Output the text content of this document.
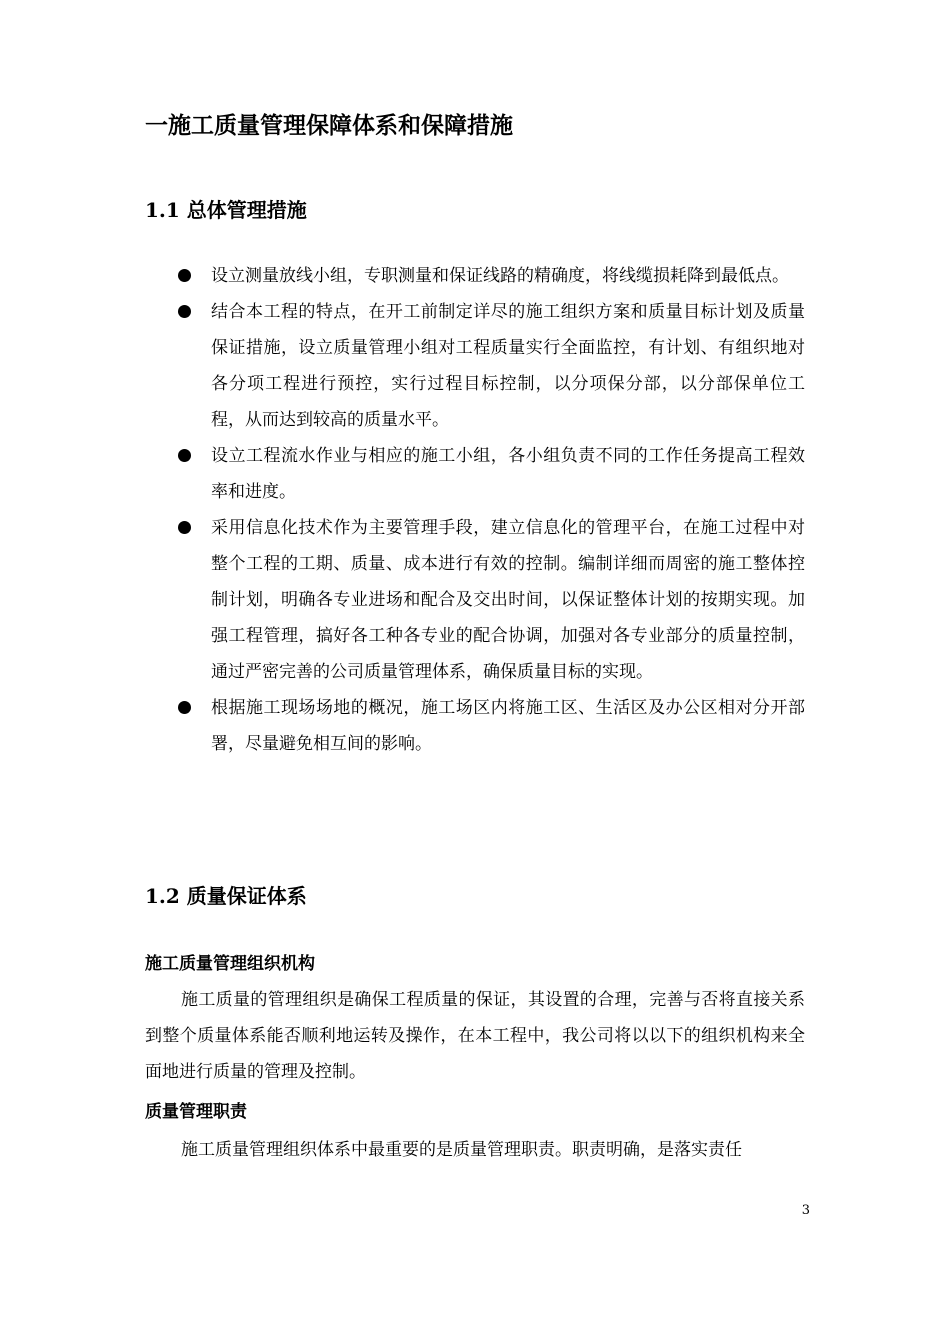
一施工质量管理保障体系和保障措施
1.1 总体管理措施
设立测量放线小组，专职测量和保证线路的精确度，将线缆损耗降到最低点。
结合本工程的特点，在开工前制定详尽的施工组织方案和质量目标计划及质量保证措施，设立质量管理小组对工程质量实行全面监控，有计划、有组织地对各分项工程进行预控，实行过程目标控制，以分项保分部，以分部保单位工程，从而达到较高的质量水平。
设立工程流水作业与相应的施工小组，各小组负责不同的工作任务提高工程效率和进度。
采用信息化技术作为主要管理手段，建立信息化的管理平台，在施工过程中对整个工程的工期、质量、成本进行有效的控制。编制详细而周密的施工整体控制计划，明确各专业进场和配合及交出时间，以保证整体计划的按期实现。加强工程管理，搞好各工种各专业的配合协调，加强对各专业部分的质量控制，通过严密完善的公司质量管理体系，确保质量目标的实现。
根据施工现场场地的概况，施工场区内将施工区、生活区及办公区相对分开部署，尽量避免相互间的影响。
1.2 质量保证体系
施工质量管理组织机构

施工质量的管理组织是确保工程质量的保证，其设置的合理，完善与否将直接关系到整个质量体系能否顺利地运转及操作，在本工程中，我公司将以以下的组织机构来全面地进行质量的管理及控制。

质量管理职责

施工质量管理组织体系中最重要的是质量管理职责。职责明确，是落实责任

3
